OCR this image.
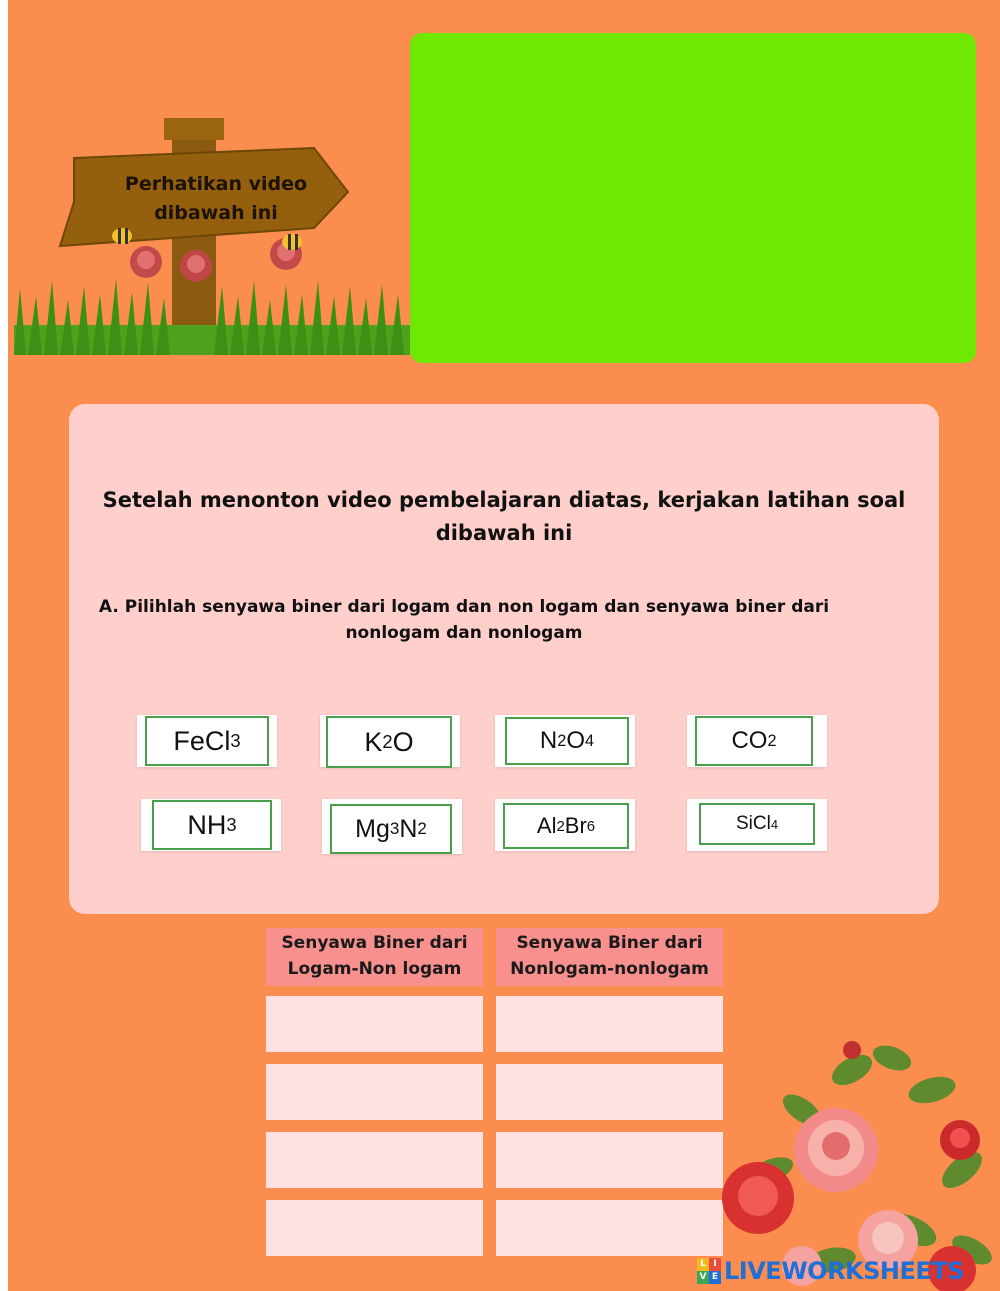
Perhatikan video
dibawah ini
Setelah menonton video pembelajaran diatas, kerjakan latihan soal
dibawah ini
A. Pilihlah senyawa biner dari logam dan non logam dan senyawa biner dari
nonlogam dan nonlogam
FeCl 3	K 2 O	N 2 O 4	CO 2
NH 3	Mg 3 N 2	Al 2 Br 6	SiCl 4
Senyawa Biner dari
Logam-Non logam
Senyawa Biner dari
Nonlogam-nonlogam
L I
V E LIVEWORKSHEETS
